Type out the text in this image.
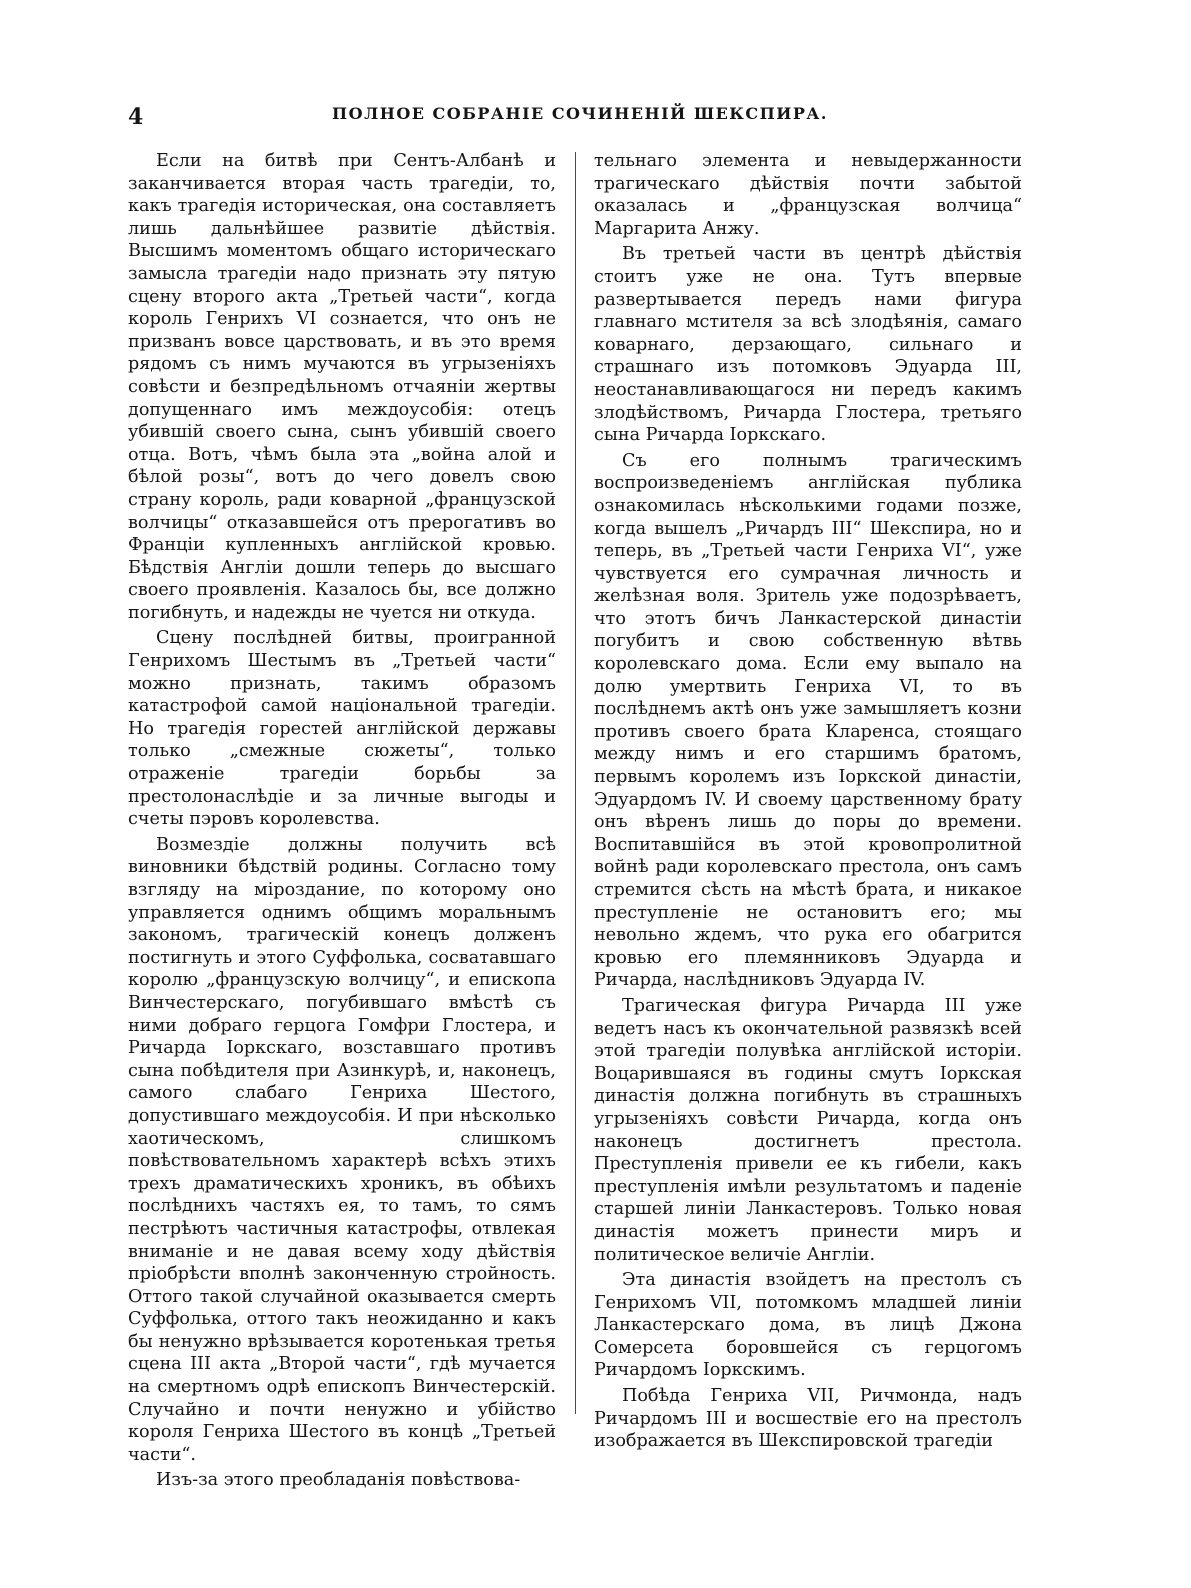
4	ПОЛНОЕ СОБРАНІЕ СОЧИНЕНІЙ ШЕКСПИРА.

Если на битвѣ при Сентъ-Албанѣ и заканчивается вторая часть трагедіи, то, какъ трагедія историческая, она составляетъ лишь дальнѣйшее развитіе дѣйствія. Высшимъ моментомъ общаго историческаго замысла трагедіи надо признать эту пятую сцену второго акта „Третьей части“, когда король Генрихъ VI сознается, что онъ не призванъ вовсе царствовать, и въ это время рядомъ съ нимъ мучаются въ угрызеніяхъ совѣсти и безпредѣльномъ отчаяніи жертвы допущеннаго имъ междоусобія: отецъ убившій своего сына, сынъ убившій своего отца. Вотъ, чѣмъ была эта „война алой и бѣлой розы“, вотъ до чего довелъ свою страну король, ради коварной „французской волчицы“ отказавшейся отъ прерогативъ во Франціи купленныхъ англійской кровью. Бѣдствія Англіи дошли теперь до высшаго своего проявленія. Казалось бы, все должно погибнуть, и надежды не чуется ни откуда.

Сцену послѣдней битвы, проигранной Генрихомъ Шестымъ въ „Третьей части“ можно признать, такимъ образомъ катастрофой самой національной трагедіи. Но трагедія горестей англійской державы только „смежные сюжеты“, только отраженіе трагедіи борьбы за престолонаслѣдіе и за личные выгоды и счеты пэровъ королевства.

Возмездіе должны получить всѣ виновники бѣдствій родины. Согласно тому взгляду на міроздание, по которому оно управляется однимъ общимъ моральнымъ закономъ, трагическій конецъ долженъ постигнуть и этого Суффолька, сосватавшаго королю „французскую волчицу“, и епископа Винчестерскаго, погубившаго вмѣстѣ съ ними добраго герцога Гомфри Глостера, и Ричарда Іоркскаго, возставшаго противъ сына побѣдителя при Азинкурѣ, и, наконецъ, самого слабаго Генриха Шестого, допустившаго междоусобія. И при нѣсколько хаотическомъ, слишкомъ повѣствовательномъ характерѣ всѣхъ этихъ трехъ драматическихъ хроникъ, въ обѣихъ послѣднихъ частяхъ ея, то тамъ, то сямъ пестрѣютъ частичныя катастрофы, отвлекая вниманіе и не давая всему ходу дѣйствія пріобрѣсти вполнѣ законченную стройность. Оттого такой случайной оказывается смерть Суффолька, оттого такъ неожиданно и какъ бы ненужно врѣзывается коротенькая третья сцена III акта „Второй части“, гдѣ мучается на смертномъ одрѣ епископъ Винчестерскій. Случайно и почти ненужно и убійство короля Генриха Шестого въ концѣ „Третьей части“.

Изъ-за этого преобладанія повѣствова-

тельнаго элемента и невыдержанности трагическаго дѣйствія почти забытой оказалась и „французская волчица“ Маргарита Анжу.

Въ третьей части въ центрѣ дѣйствія стоитъ уже не она. Тутъ впервые развертывается передъ нами фигура главнаго мстителя за всѣ злодѣянія, самаго коварнаго, дерзающаго, сильнаго и страшнаго изъ потомковъ Эдуарда III, неостанавливающагося ни передъ какимъ злодѣйствомъ, Ричарда Глостера, третьяго сына Ричарда Іоркскаго.

Съ его полнымъ трагическимъ воспроизведеніемъ англійская публика ознакомилась нѣсколькими годами позже, когда вышелъ „Ричардъ III“ Шекспира, но и теперь, въ „Третьей части Генриха VI“, уже чувствуется его сумрачная личность и желѣзная воля. Зритель уже подозрѣваетъ, что этотъ бичъ Ланкастерской династіи погубитъ и свою собственную вѣтвь королевскаго дома. Если ему выпало на долю умертвить Генриха VI, то въ послѣднемъ актѣ онъ уже замышляетъ козни противъ своего брата Кларенса, стоящаго между нимъ и его старшимъ братомъ, первымъ королемъ изъ Іоркской династіи, Эдуардомъ IV. И своему царственному брату онъ вѣренъ лишь до поры до времени. Воспитавшійся въ этой кровопролитной войнѣ ради королевскаго престола, онъ самъ стремится сѣсть на мѣстѣ брата, и никакое преступленіе не остановитъ его; мы невольно ждемъ, что рука его обагрится кровью его племянниковъ Эдуарда и Ричарда, наслѣдниковъ Эдуарда IV.

Трагическая фигура Ричарда III уже ведетъ насъ къ окончательной развязкѣ всей этой трагедіи полувѣка англійской исторіи. Воцарившаяся въ годины смутъ Іоркская династія должна погибнуть въ страшныхъ угрызеніяхъ совѣсти Ричарда, когда онъ наконецъ достигнетъ престола. Преступленія привели ее къ гибели, какъ преступленія имѣли результатомъ и паденіе старшей линіи Ланкастеровъ. Только новая династія можетъ принести миръ и политическое величіе Англіи.

Эта династія взойдетъ на престолъ съ Генрихомъ VII, потомкомъ младшей линіи Ланкастерскаго дома, въ лицѣ Джона Сомерсета боровшейся съ герцогомъ Ричардомъ Іоркскимъ.

Побѣда Генриха VII, Ричмонда, надъ Ричардомъ III и восшествіе его на престолъ изображается въ Шекспировской трагедіи
